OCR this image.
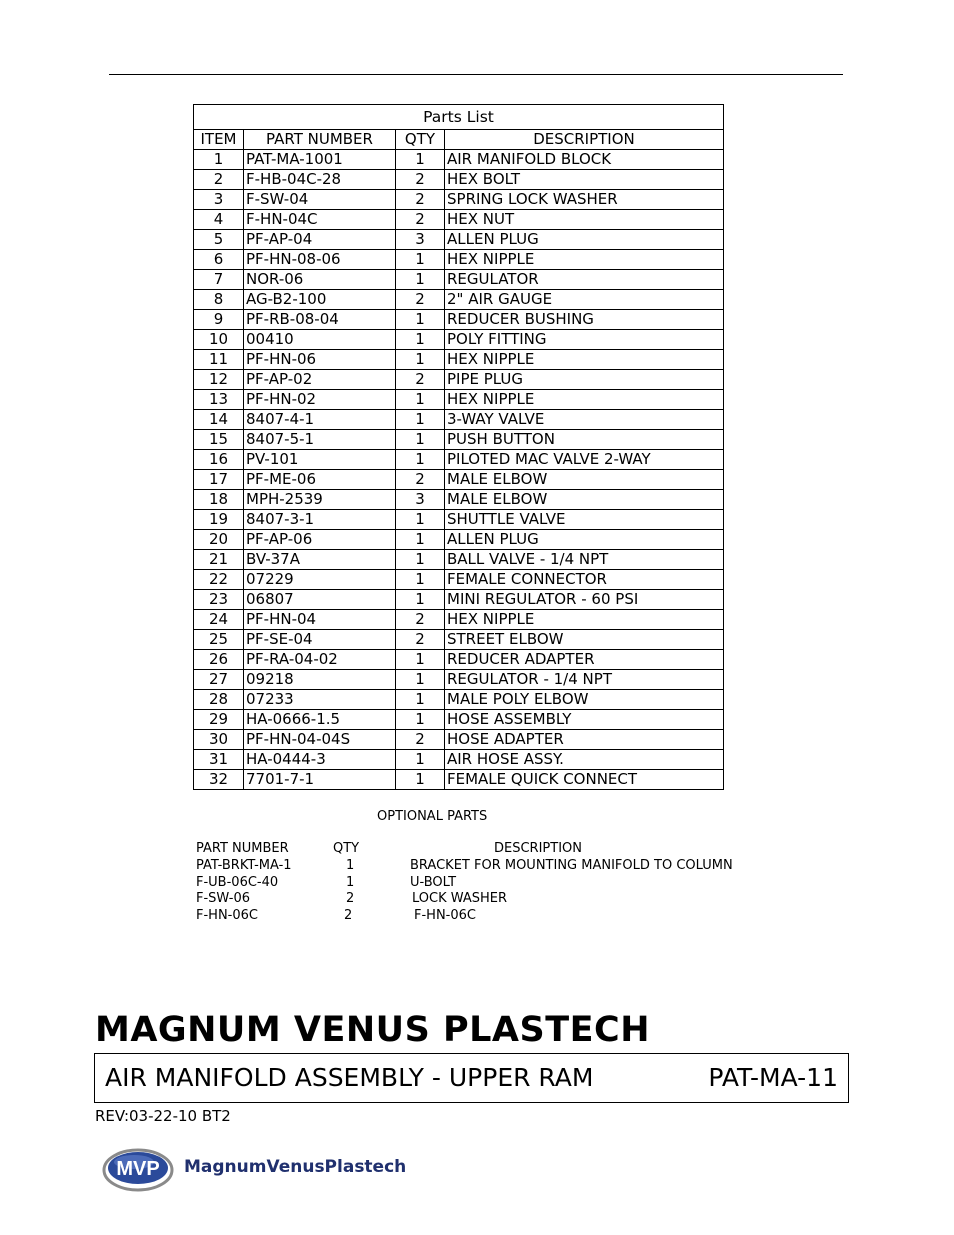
Parts List			
ITEM	PART NUMBER	QTY	DESCRIPTION
1	PAT-MA-1001	1	AIR MANIFOLD BLOCK
2	F-HB-04C-28	2	HEX BOLT
3	F-SW-04	2	SPRING LOCK WASHER
4	F-HN-04C	2	HEX NUT
5	PF-AP-04	3	ALLEN PLUG
6	PF-HN-08-06	1	HEX NIPPLE
7	NOR-06	1	REGULATOR
8	AG-B2-100	2	2" AIR GAUGE
9	PF-RB-08-04	1	REDUCER BUSHING
10	00410	1	POLY FITTING
11	PF-HN-06	1	HEX NIPPLE
12	PF-AP-02	2	PIPE PLUG
13	PF-HN-02	1	HEX NIPPLE
14	8407-4-1	1	3-WAY VALVE
15	8407-5-1	1	PUSH BUTTON
16	PV-101	1	PILOTED MAC VALVE 2-WAY
17	PF-ME-06	2	MALE ELBOW
18	MPH-2539	3	MALE ELBOW
19	8407-3-1	1	SHUTTLE VALVE
20	PF-AP-06	1	ALLEN PLUG
21	BV-37A	1	BALL VALVE - 1/4 NPT
22	07229	1	FEMALE CONNECTOR
23	06807	1	MINI REGULATOR - 60 PSI
24	PF-HN-04	2	HEX NIPPLE
25	PF-SE-04	2	STREET ELBOW
26	PF-RA-04-02	1	REDUCER ADAPTER
27	09218	1	REGULATOR - 1/4 NPT
28	07233	1	MALE POLY ELBOW
29	HA-0666-1.5	1	HOSE ASSEMBLY
30	PF-HN-04-04S	2	HOSE ADAPTER
31	HA-0444-3	1	AIR HOSE ASSY.
32	7701-7-1	1	FEMALE QUICK CONNECT
OPTIONAL PARTS
PART NUMBER	QTY	DESCRIPTION
PAT-BRKT-MA-1	1	BRACKET FOR MOUNTING MANIFOLD TO COLUMN
F-UB-06C-40	1	U-BOLT
F-SW-06	2	LOCK WASHER
F-HN-06C	2	F-HN-06C
MAGNUM VENUS PLASTECH
AIR MANIFOLD ASSEMBLY - UPPER RAM	PAT-MA-11
REV:03-22-10 BT2
MVP MagnumVenusPlastech
